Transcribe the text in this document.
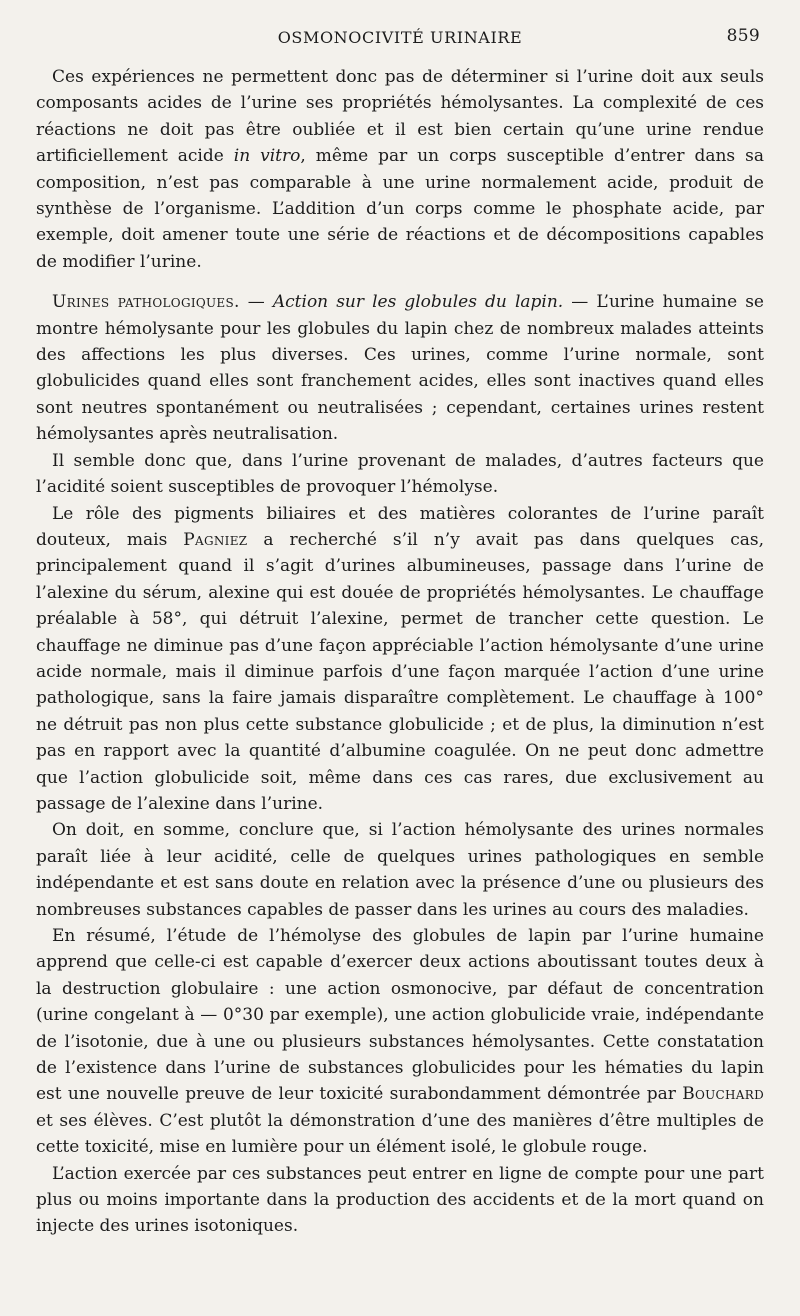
OSMONOCIVITÉ URINAIRE	859

Ces expériences ne permettent donc pas de déterminer si l’urine doit aux seuls composants acides de l’urine ses propriétés hémolysantes. La complexité de ces réactions ne doit pas être oubliée et il est bien certain qu’une urine rendue artificiellement acide in vitro, même par un corps susceptible d’entrer dans sa composition, n’est pas comparable à une urine normalement acide, produit de synthèse de l’organisme. L’addition d’un corps comme le phosphate acide, par exemple, doit amener toute une série de réactions et de décompositions capables de modifier l’urine.

Urines pathologiques. — Action sur les globules du lapin. — L’urine humaine se montre hémolysante pour les globules du lapin chez de nombreux malades atteints des affections les plus diverses. Ces urines, comme l’urine normale, sont globulicides quand elles sont franchement acides, elles sont inactives quand elles sont neutres spontanément ou neutralisées ; cependant, certaines urines restent hémolysantes après neutralisation.

Il semble donc que, dans l’urine provenant de malades, d’autres facteurs que l’acidité soient susceptibles de provoquer l’hémolyse.

Le rôle des pigments biliaires et des matières colorantes de l’urine paraît douteux, mais Pagniez a recherché s’il n’y avait pas dans quelques cas, principalement quand il s’agit d’urines albumineuses, passage dans l’urine de l’alexine du sérum, alexine qui est douée de propriétés hémolysantes. Le chauffage préalable à 58°, qui détruit l’alexine, permet de trancher cette question. Le chauffage ne diminue pas d’une façon appréciable l’action hémolysante d’une urine acide normale, mais il diminue parfois d’une façon marquée l’action d’une urine pathologique, sans la faire jamais disparaître complètement. Le chauffage à 100° ne détruit pas non plus cette substance globulicide ; et de plus, la diminution n’est pas en rapport avec la quantité d’albumine coagulée. On ne peut donc admettre que l’action globulicide soit, même dans ces cas rares, due exclusivement au passage de l’alexine dans l’urine.

On doit, en somme, conclure que, si l’action hémolysante des urines normales paraît liée à leur acidité, celle de quelques urines pathologiques en semble indépendante et est sans doute en relation avec la présence d’une ou plusieurs des nombreuses substances capables de passer dans les urines au cours des maladies.

En résumé, l’étude de l’hémolyse des globules de lapin par l’urine humaine apprend que celle-ci est capable d’exercer deux actions aboutissant toutes deux à la destruction globulaire : une action osmonocive, par défaut de concentration (urine congelant à — 0°30 par exemple), une action globulicide vraie, indépendante de l’isotonie, due à une ou plusieurs substances hémolysantes. Cette constatation de l’existence dans l’urine de substances globulicides pour les hématies du lapin est une nouvelle preuve de leur toxicité surabondamment démontrée par Bouchard et ses élèves. C’est plutôt la démonstration d’une des manières d’être multiples de cette toxicité, mise en lumière pour un élément isolé, le globule rouge.

L’action exercée par ces substances peut entrer en ligne de compte pour une part plus ou moins importante dans la production des accidents et de la mort quand on injecte des urines isotoniques.
